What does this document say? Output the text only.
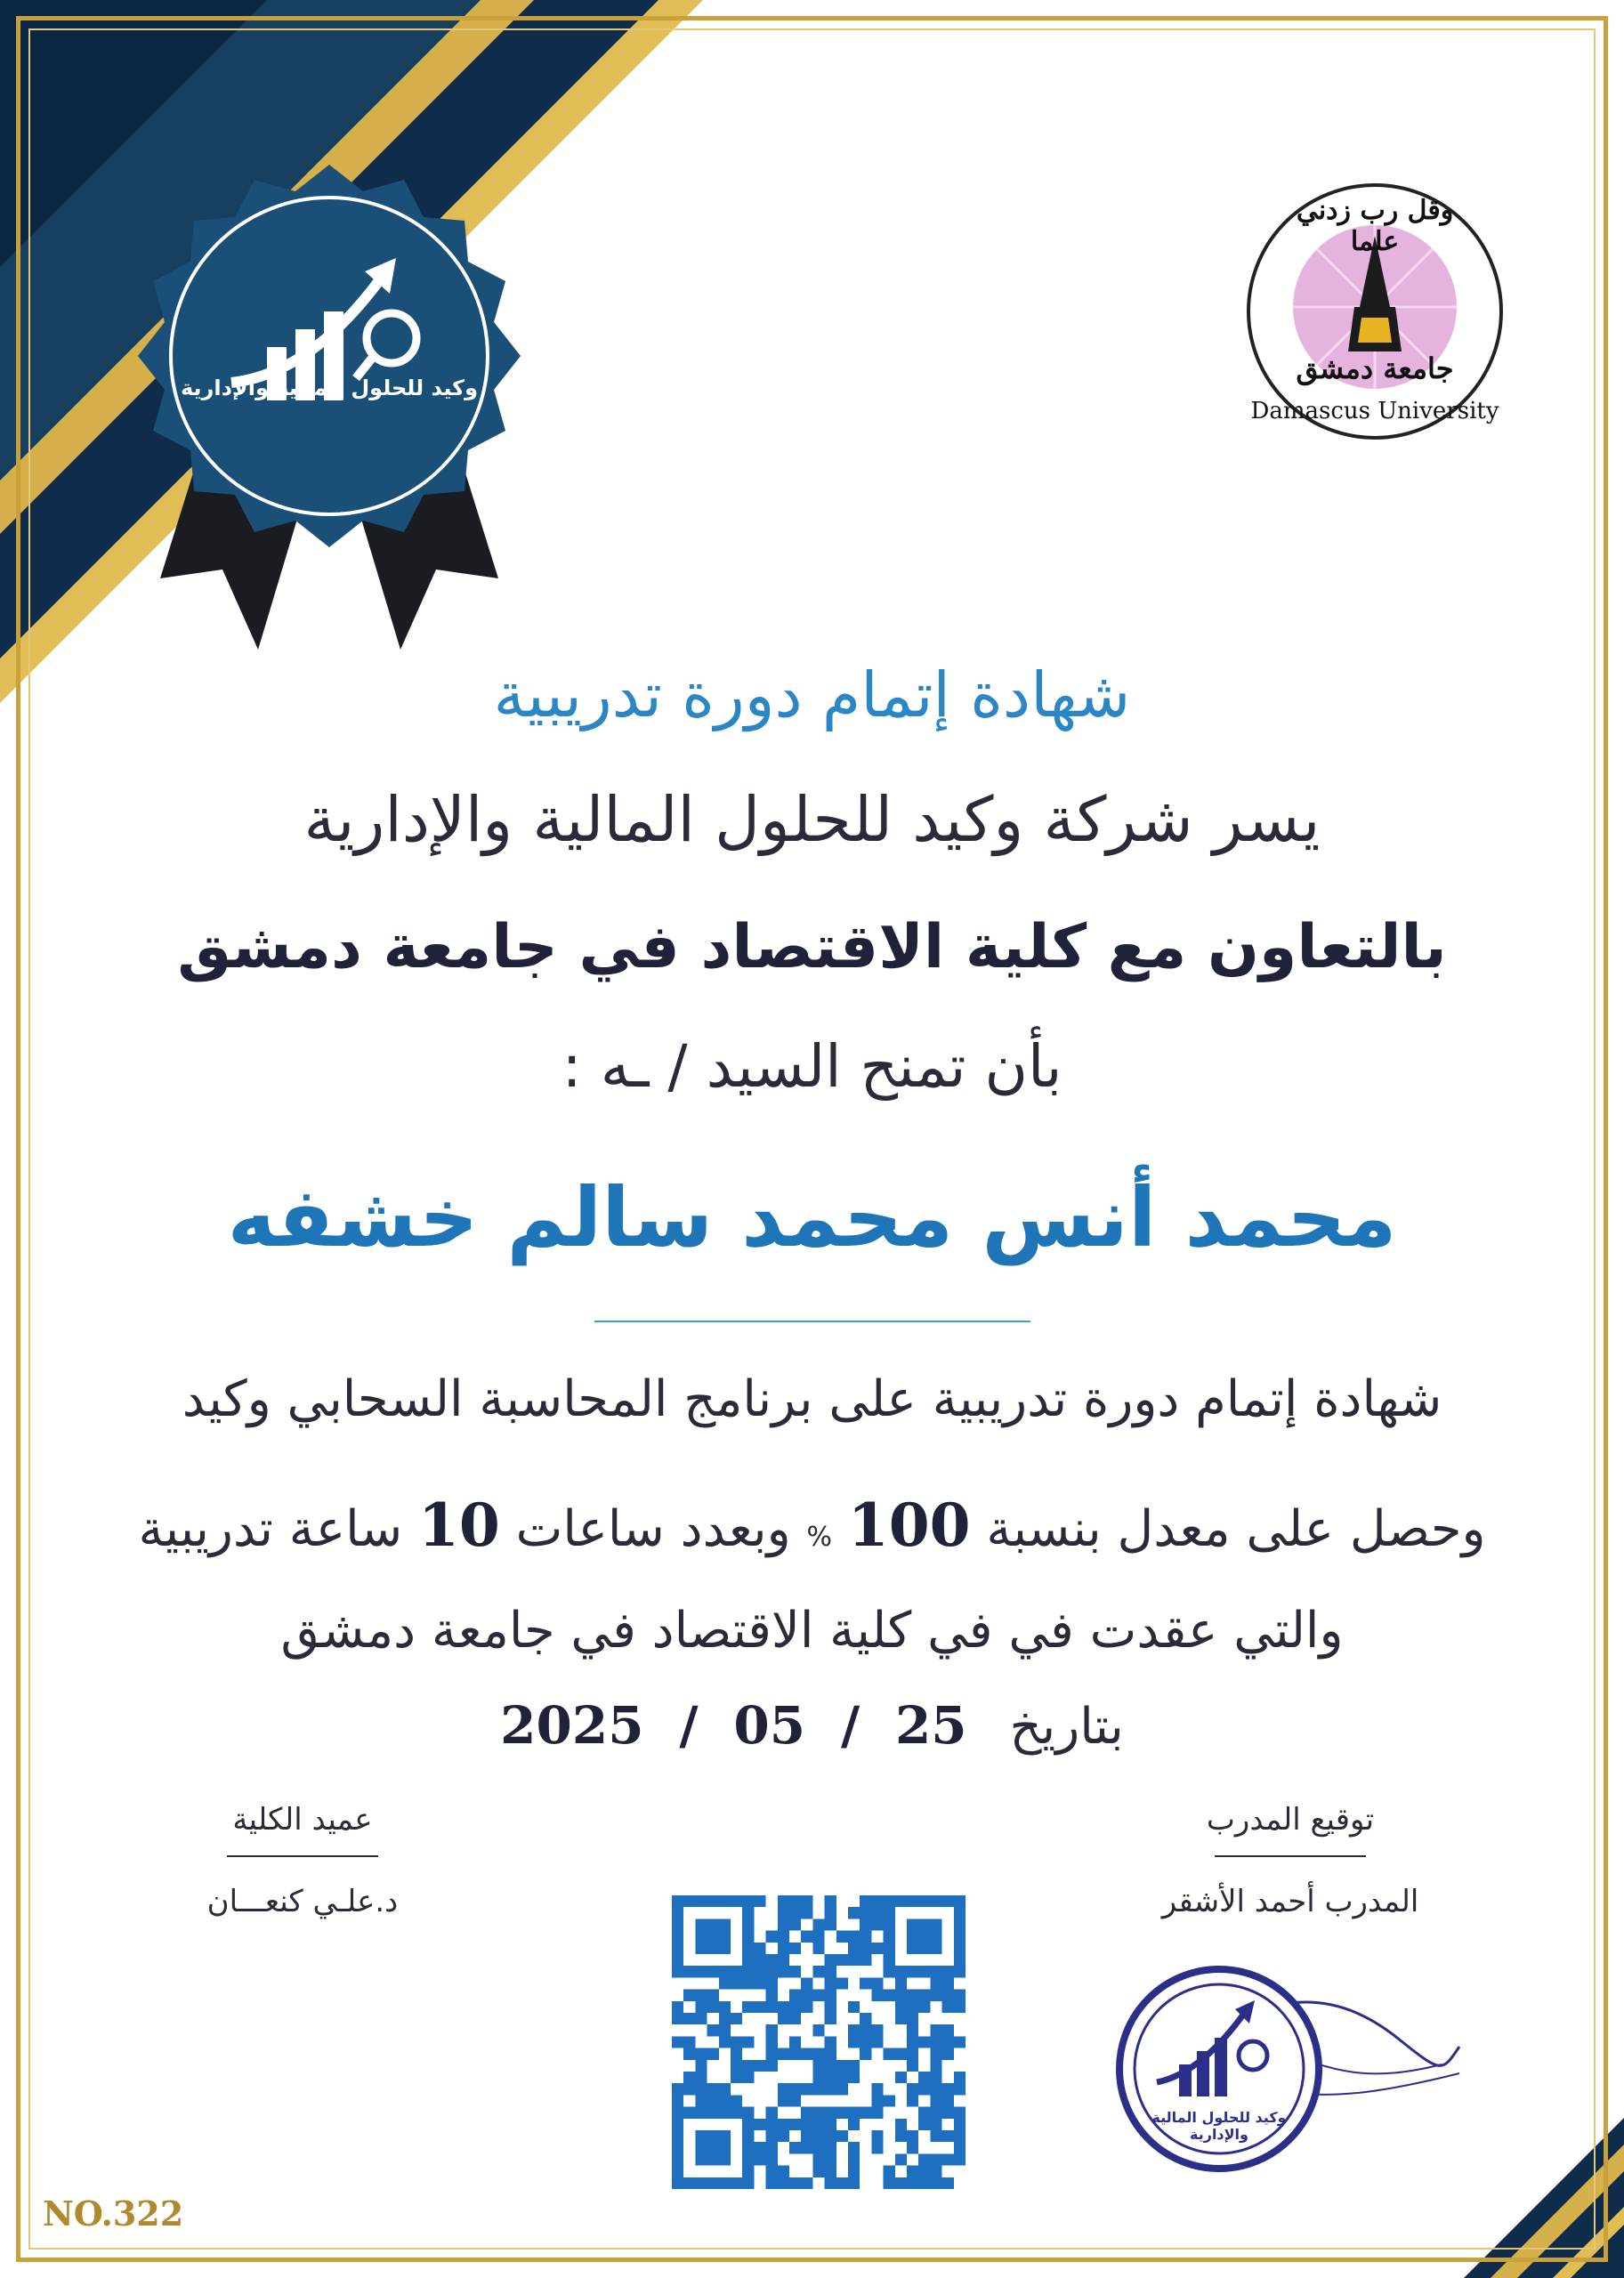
وكيد للحلول المالية والإدارية
وقل رب زدني علما
جامعة دمشق
Damascus University
شهادة إتمام دورة تدريبية
يسر شركة وكيد للحلول المالية والإدارية
بالتعاون مع كلية الاقتصاد في جامعة دمشق
بأن تمنح السيد / ـه :
محمد أنس محمد سالم خشفه
شهادة إتمام دورة تدريبية على برنامج المحاسبة السحابي وكيد
وحصل على معدل بنسبة 100 % وبعدد ساعات 10 ساعة تدريبية
والتي عقدت في في كلية الاقتصاد في جامعة دمشق
بتاريخ 2025 / 05 / 25
عميد الكلية
د.علـي كنعـــان
توقيع المدرب
المدرب أحمد الأشقر
وكيد للحلول المالية والإدارية
NO.322
